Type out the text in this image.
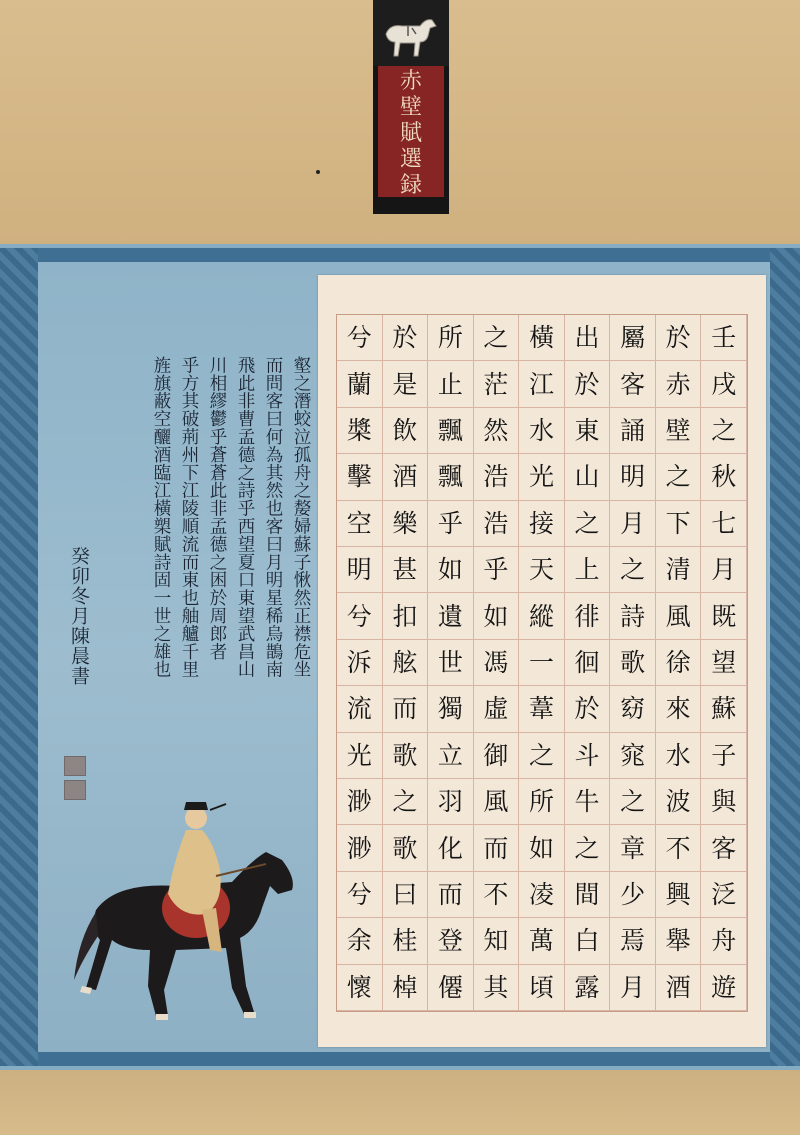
赤
壁
賦
選
録
兮 於 所 之 橫 出 屬 於 壬
蘭 是 止 茫 江 於 客 赤 戌
槳 飲 飄 然 水 東 誦 壁 之
擊 酒 飄 浩 光 山 明 之 秋
空 樂 乎 浩 接 之 月 下 七
明 甚 如 乎 天 上 之 清 月
兮 扣 遺 如 縱 徘 詩 風 既
泝 舷 世 馮 一 徊 歌 徐 望
流 而 獨 虛 葦 於 窈 來 蘇
光 歌 立 御 之 斗 窕 水 子
渺 之 羽 風 所 牛 之 波 與
渺 歌 化 而 如 之 章 不 客
兮 曰 而 不 凌 間 少 興 泛
余 桂 登 知 萬 白 焉 舉 舟
懷 棹 僊 其 頃 露 月 酒 遊
壑之潛蛟泣孤舟之嫠婦蘇子愀然正襟危坐
而問客曰何為其然也客曰月明星稀烏鵲南
飛此非曹孟德之詩乎西望夏口東望武昌山
川相繆鬱乎蒼蒼此非孟德之困於周郎者
乎方其破荊州下江陵順流而東也舳艫千里
旌旗蔽空釃酒臨江橫槊賦詩固一世之雄也
癸卯冬月陳晨書
